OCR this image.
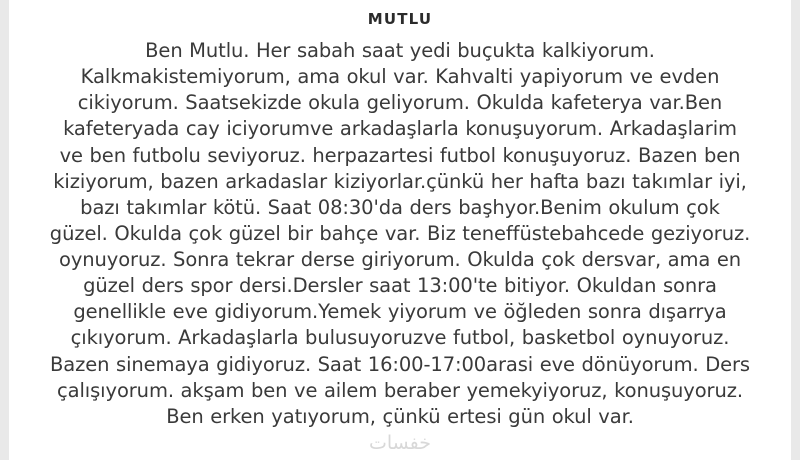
MUTLU
Ben Mutlu. Her sabah saat yedi buçukta kalkiyorum. Kalkmakistemiyorum, ama okul var. Kahvalti yapiyorum ve evden cikiyorum. Saatsekizde okula geliyorum. Okulda kafeterya var.Ben kafeteryada cay iciyorumve arkadaşlarla konuşuyorum. Arkadaşlarim ve ben futbolu seviyoruz. herpazartesi futbol konuşuyoruz. Bazen ben kiziyorum, bazen arkadaslar kiziyorlar.çünkü her hafta bazı takımlar iyi, bazı takımlar kötü. Saat 08:30'da ders başhyor.Benim okulum çok güzel. Okulda çok güzel bir bahçe var. Biz teneffüstebahcede geziyoruz. oynuyoruz. Sonra tekrar derse giriyorum. Okulda çok dersvar, ama en güzel ders spor dersi.Dersler saat 13:00'te bitiyor. Okuldan sonra genellikle eve gidiyorum.Yemek yiyorum ve öğleden sonra dışarrya çıkıyorum. Arkadaşlarla bulusuyoruzve futbol, basketbol oynuyoruz. Bazen sinemaya gidiyoruz. Saat 16:00-17:00arasi eve dönüyorum. Ders çalışıyorum. akşam ben ve ailem beraber yemekyiyoruz, konuşuyoruz. Ben erken yatıyorum, çünkü ertesi gün okul var.
خفسات
